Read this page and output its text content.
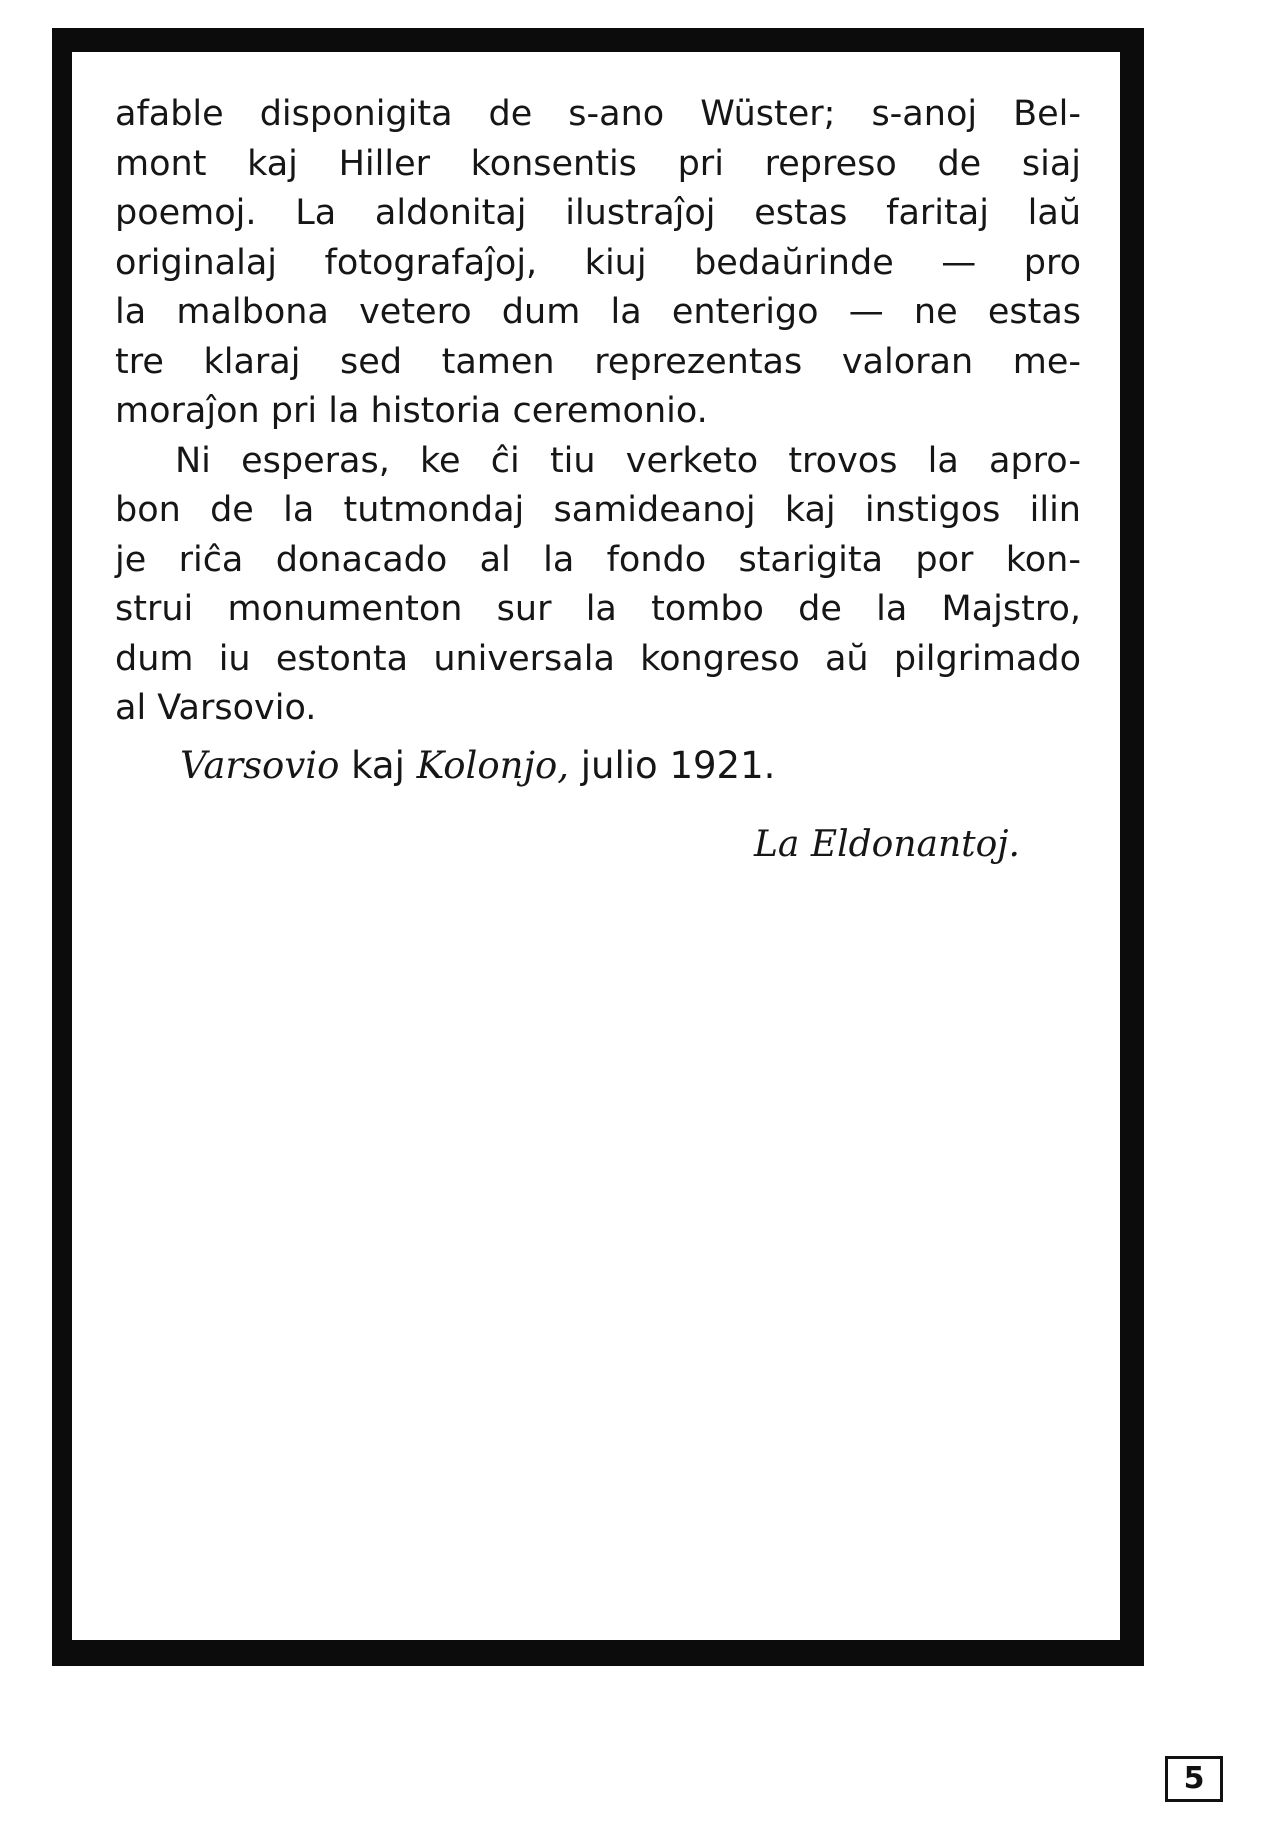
afable disponigita de s-ano Wüster; s-anoj Bel-
mont kaj Hiller konsentis pri represo de siaj
poemoj. La aldonitaj ilustraĵoj estas faritaj laŭ
originalaj fotografaĵoj, kiuj bedaŭrinde — pro
la malbona vetero dum la enterigo — ne estas
tre klaraj sed tamen reprezentas valoran me-
moraĵon pri la historia ceremonio.
Ni esperas, ke ĉi tiu verketo trovos la apro-
bon de la tutmondaj samideanoj kaj instigos ilin
je riĉa donacado al la fondo starigita por kon-
strui monumenton sur la tombo de la Majstro,
dum iu estonta universala kongreso aŭ pilgrimado
al Varsovio.
Varsovio kaj Kolonjo, julio 1921.
La Eldonantoj.
5
